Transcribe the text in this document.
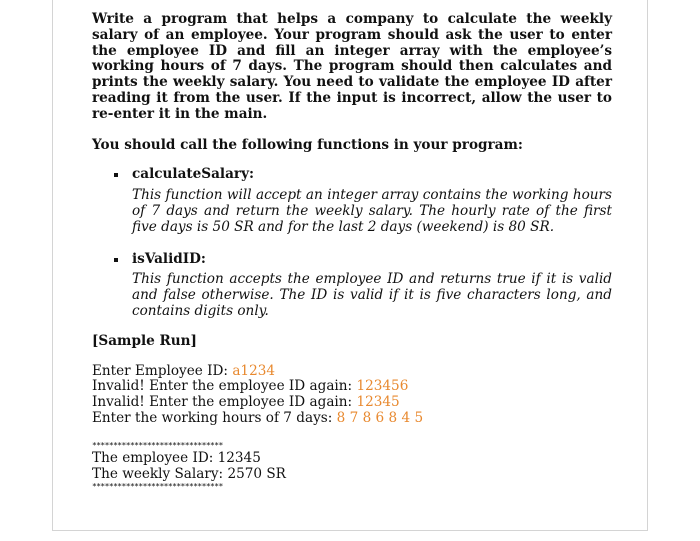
Write a program that helps a company to calculate the weekly salary of an employee. Your program should ask the user to enter the employee ID and fill an integer array with the employee’s working hours of 7 days. The program should then calculates and prints the weekly salary. You need to validate the employee ID after reading it from the user. If the input is incorrect, allow the user to re-enter it in the main.

You should call the following functions in your program:

calculateSalary:
This function will accept an integer array contains the working hours of 7 days and return the weekly salary. The hourly rate of the first five days is 50 SR and for the last 2 days (weekend) is 80 SR.
isValidID:
This function accepts the employee ID and returns true if it is valid and false otherwise. The ID is valid if it is five characters long, and contains digits only.

[Sample Run]

Enter Employee ID: a1234
Invalid! Enter the employee ID again: 123456
Invalid! Enter the employee ID again: 12345
Enter the working hours of 7 days: 8 7 8 6 8 4 5
*******************************
The employee ID: 12345
The weekly Salary: 2570 SR
*******************************
